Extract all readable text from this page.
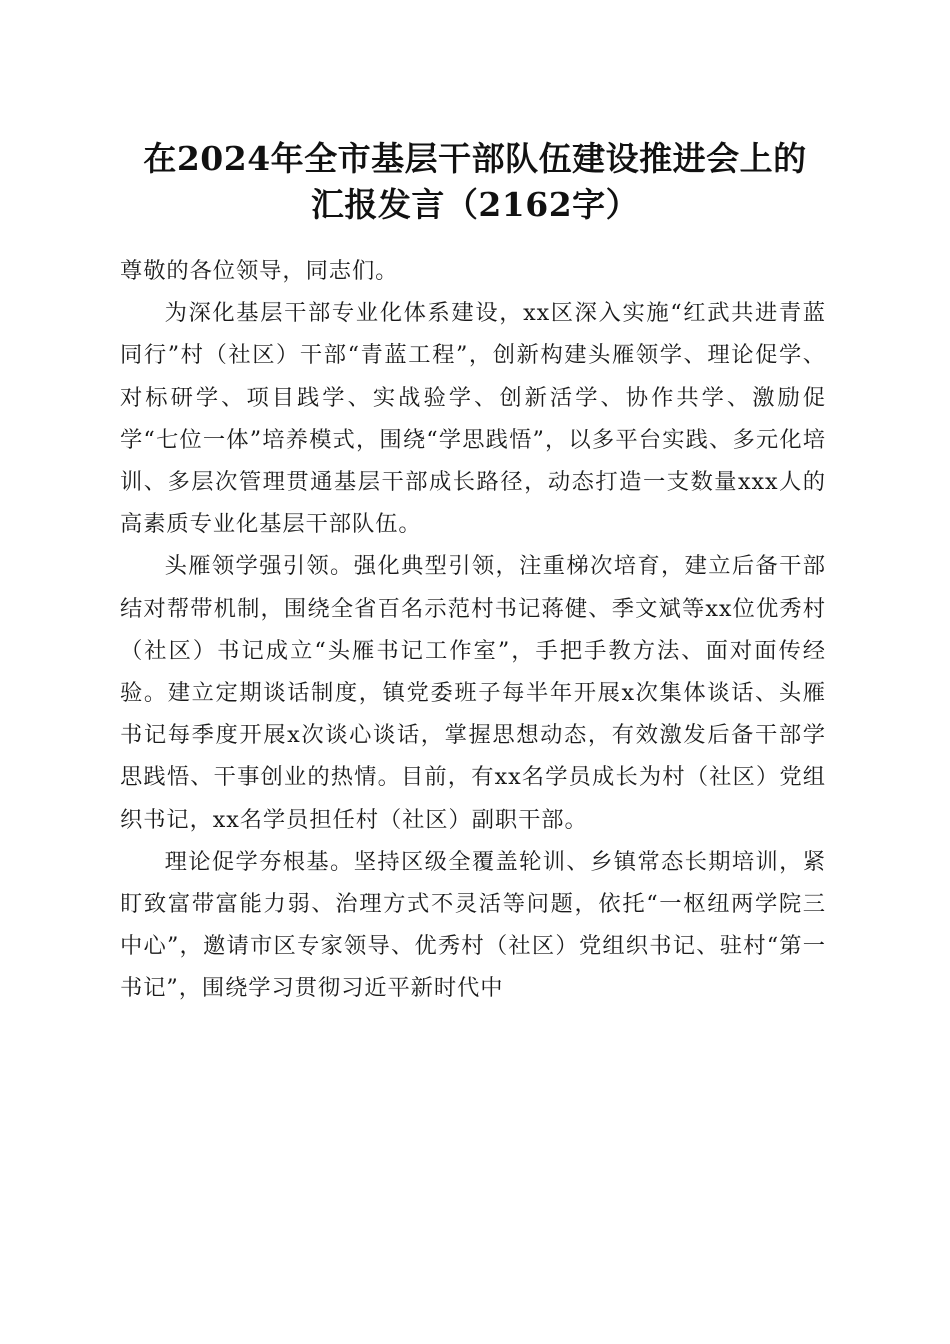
在2024年全市基层干部队伍建设推进会上的
汇报发言（2162字）

尊敬的各位领导，同志们。

为深化基层干部专业化体系建设，xx区深入实施“红武共进青蓝同行”村（社区）干部“青蓝工程”，创新构建头雁领学、理论促学、对标研学、项目践学、实战验学、创新活学、协作共学、激励促学“七位一体”培养模式，围绕“学思践悟”，以多平台实践、多元化培训、多层次管理贯通基层干部成长路径，动态打造一支数量xxx人的高素质专业化基层干部队伍。

头雁领学强引领。强化典型引领，注重梯次培育，建立后备干部结对帮带机制，围绕全省百名示范村书记蒋健、季文斌等xx位优秀村（社区）书记成立“头雁书记工作室”，手把手教方法、面对面传经验。建立定期谈话制度，镇党委班子每半年开展x次集体谈话、头雁书记每季度开展x次谈心谈话，掌握思想动态，有效激发后备干部学思践悟、干事创业的热情。目前，有xx名学员成长为村（社区）党组织书记，xx名学员担任村（社区）副职干部。

理论促学夯根基。坚持区级全覆盖轮训、乡镇常态长期培训，紧盯致富带富能力弱、治理方式不灵活等问题，依托“一枢纽两学院三中心”，邀请市区专家领导、优秀村（社区）党组织书记、驻村“第一书记”，围绕学习贯彻习近平新时代中
